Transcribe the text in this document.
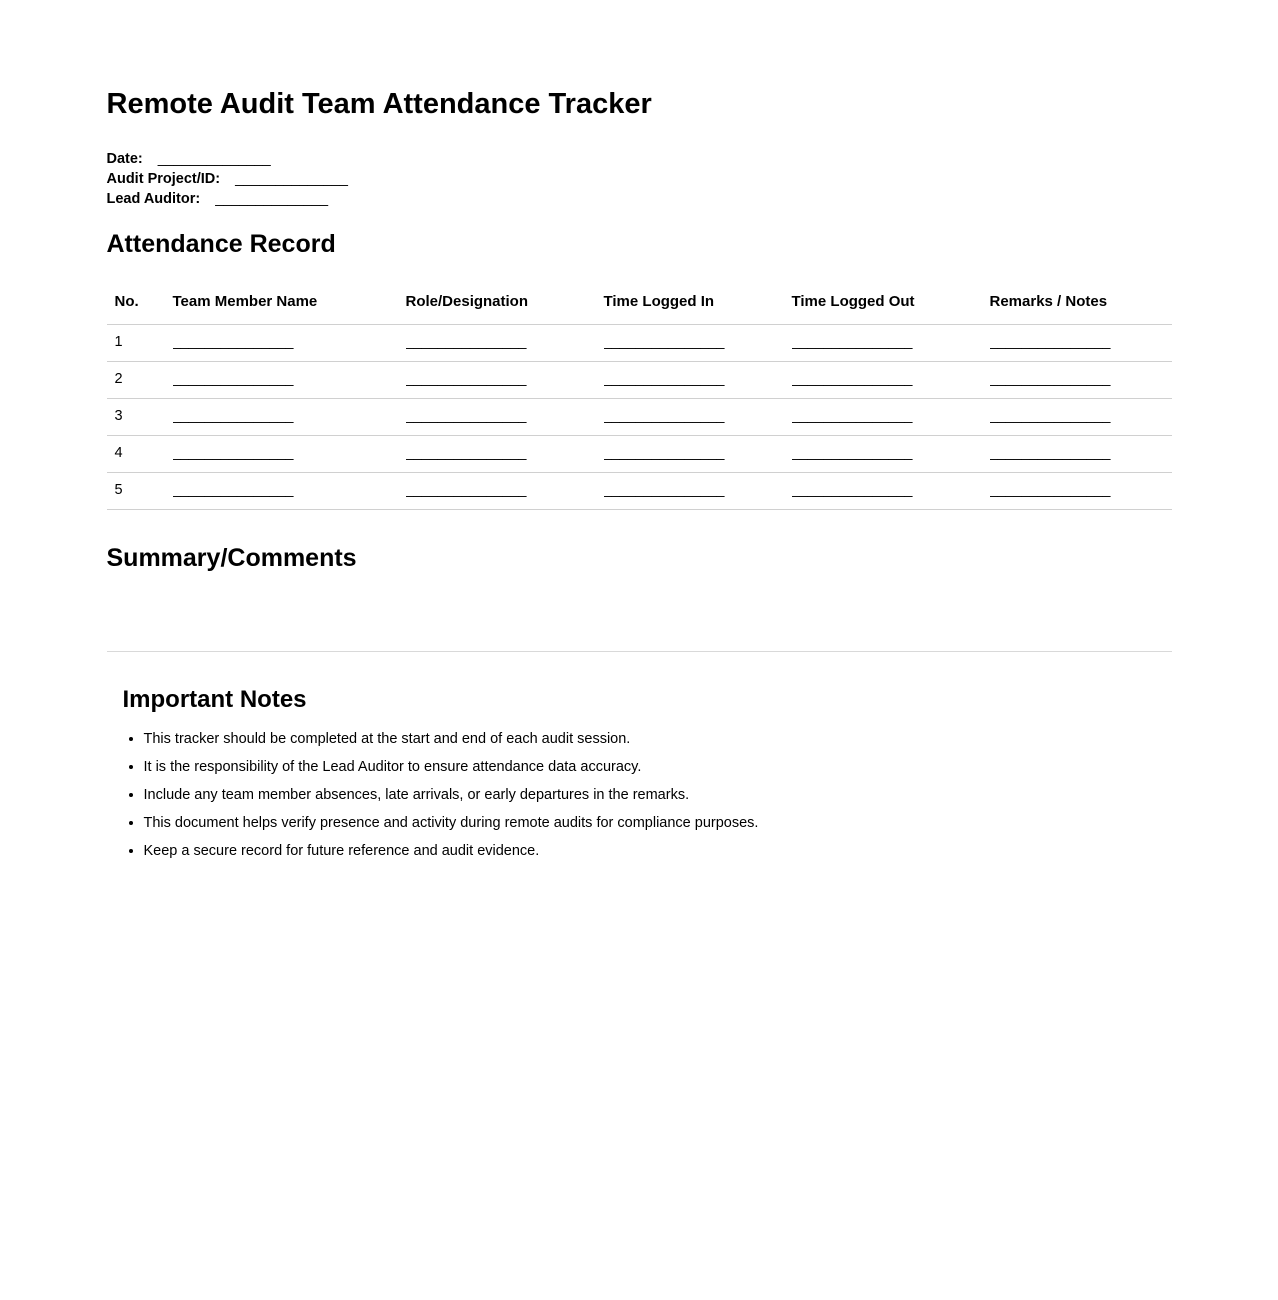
Remote Audit Team Attendance Tracker
Date: ______________
Audit Project/ID: ______________
Lead Auditor: ______________
Attendance Record
No.	Team Member Name	Role/Designation	Time Logged In	Time Logged Out	Remarks / Notes
1	_______________	_______________	_______________	_______________	_______________
2	_______________	_______________	_______________	_______________	_______________
3	_______________	_______________	_______________	_______________	_______________
4	_______________	_______________	_______________	_______________	_______________
5	_______________	_______________	_______________	_______________	_______________
Summary/Comments
Important Notes
• This tracker should be completed at the start and end of each audit session.
• It is the responsibility of the Lead Auditor to ensure attendance data accuracy.
• Include any team member absences, late arrivals, or early departures in the remarks.
• This document helps verify presence and activity during remote audits for compliance purposes.
• Keep a secure record for future reference and audit evidence.
